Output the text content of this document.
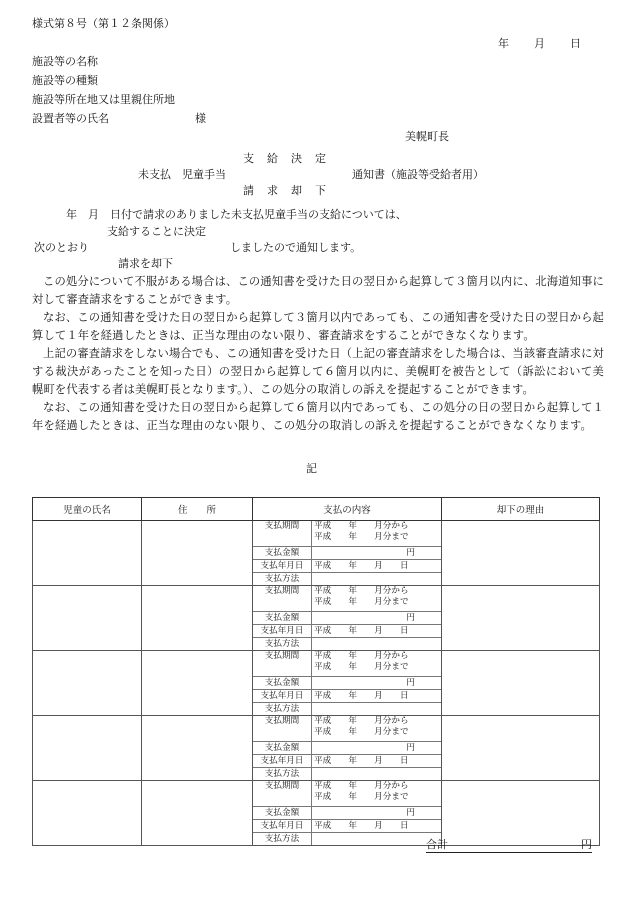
様式第８号（第１２条関係）
年 月 日
施設等の名称
施設等の種類
施設等所在地又は里親住所地
設置者等の氏名	様
美幌町長
支　給　決　定
未支払　児童手当	通知書（施設等受給者用）
請　求　却　下
年　月　日付で請求のありました未支払児童手当の支給については、
支給することに決定
次のとおり	しましたので通知します。
請求を却下

この処分について不服がある場合は、この通知書を受けた日の翌日から起算して３箇月以内に、北海道知事に対して審査請求をすることができます。

なお、この通知書を受けた日の翌日から起算して３箇月以内であっても、この通知書を受けた日の翌日から起算して１年を経過したときは、正当な理由のない限り、審査請求をすることができなくなります。

上記の審査請求をしない場合でも、この通知書を受けた日（上記の審査請求をした場合は、当該審査請求に対する裁決があったことを知った日）の翌日から起算して６箇月以内に、美幌町を被告として（訴訟において美幌町を代表する者は美幌町長となります。）、この処分の取消しの訴えを提起することができます。

なお、この通知書を受けた日の翌日から起算して６箇月以内であっても、この処分の日の翌日から起算して１年を経過したときは、正当な理由のない限り、この処分の取消しの訴えを提起することができなくなります。

記
児童の氏名	住　　所	支払の内容	却下の理由

支払期間	平成　　年　　月分から
平成　　年　　月分まで
支払金額	円
支払年月日	平成　　年　　月　　日
支払方法	

支払期間	平成　　年　　月分から
平成　　年　　月分まで
支払金額	円
支払年月日	平成　　年　　月　　日
支払方法	

支払期間	平成　　年　　月分から
平成　　年　　月分まで
支払金額	円
支払年月日	平成　　年　　月　　日
支払方法	

支払期間	平成　　年　　月分から
平成　　年　　月分まで
支払金額	円
支払年月日	平成　　年　　月　　日
支払方法	

支払期間	平成　　年　　月分から
平成　　年　　月分まで
支払金額	円
支払年月日	平成　　年　　月　　日
支払方法	
		合計	円
